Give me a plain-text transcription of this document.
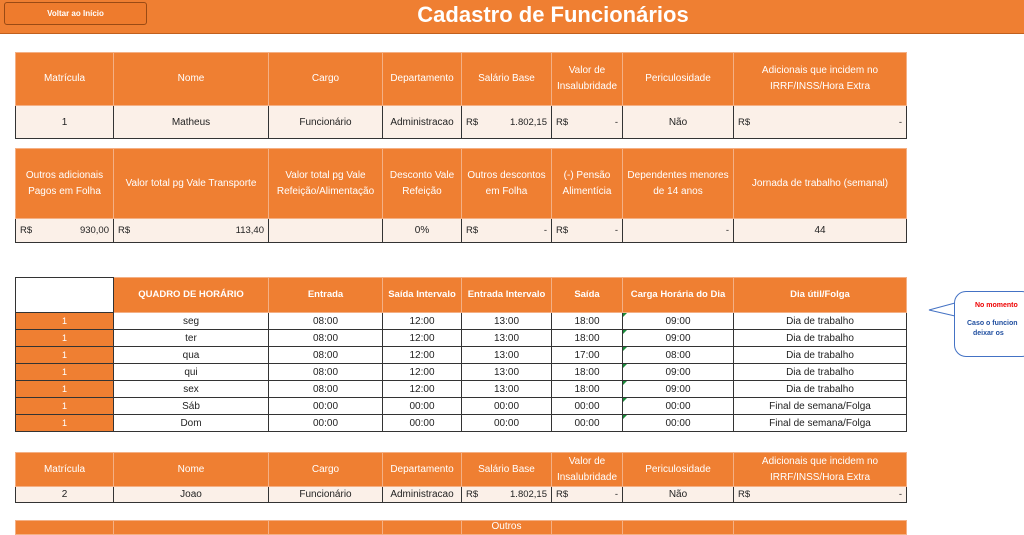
Voltar ao Início	Cadastro de Funcionários
Matrícula	Nome	Cargo	Departamento	Salário Base	Valor de Insalubridade	Periculosidade	Adicionais que incidem no IRRF/INSS/Hora Extra
1	Matheus	Funcionário	Administracao	R$ 1.802,15	R$ -	Não	R$ -
Outros adicionais Pagos em Folha	Valor total pg Vale Transporte	Valor total pg Vale Refeição/Alimentação	Desconto Vale Refeição	Outros descontos em Folha	(-) Pensão Alimentícia	Dependentes menores de 14 anos	Jornada de trabalho (semanal)

R$ 930,00	R$ 113,40		0%	R$ -	R$ -	-	44
	QUADRO DE HORÁRIO	Entrada	Saída Intervalo	Entrada Intervalo	Saída	Carga Horária do Dia	Dia útil/Folga
1	seg	08:00	12:00	13:00	18:00	09:00	Dia de trabalho
1	ter	08:00	12:00	13:00	18:00	09:00	Dia de trabalho
1	qua	08:00	12:00	13:00	17:00	08:00	Dia de trabalho
1	qui	08:00	12:00	13:00	18:00	09:00	Dia de trabalho
1	sex	08:00	12:00	13:00	18:00	09:00	Dia de trabalho
1	Sáb	00:00	00:00	00:00	00:00	00:00	Final de semana/Folga
1	Dom	00:00	00:00	00:00	00:00	00:00	Final de semana/Folga
Matrícula	Nome	Cargo	Departamento	Salário Base	Valor de Insalubridade	Periculosidade	Adicionais que incidem no IRRF/INSS/Hora Extra
2	Joao	Funcionário	Administracao	R$ 1.802,15	R$ -	Não	R$ -
				Outros			
No momento
Caso o funcion
deixar os
